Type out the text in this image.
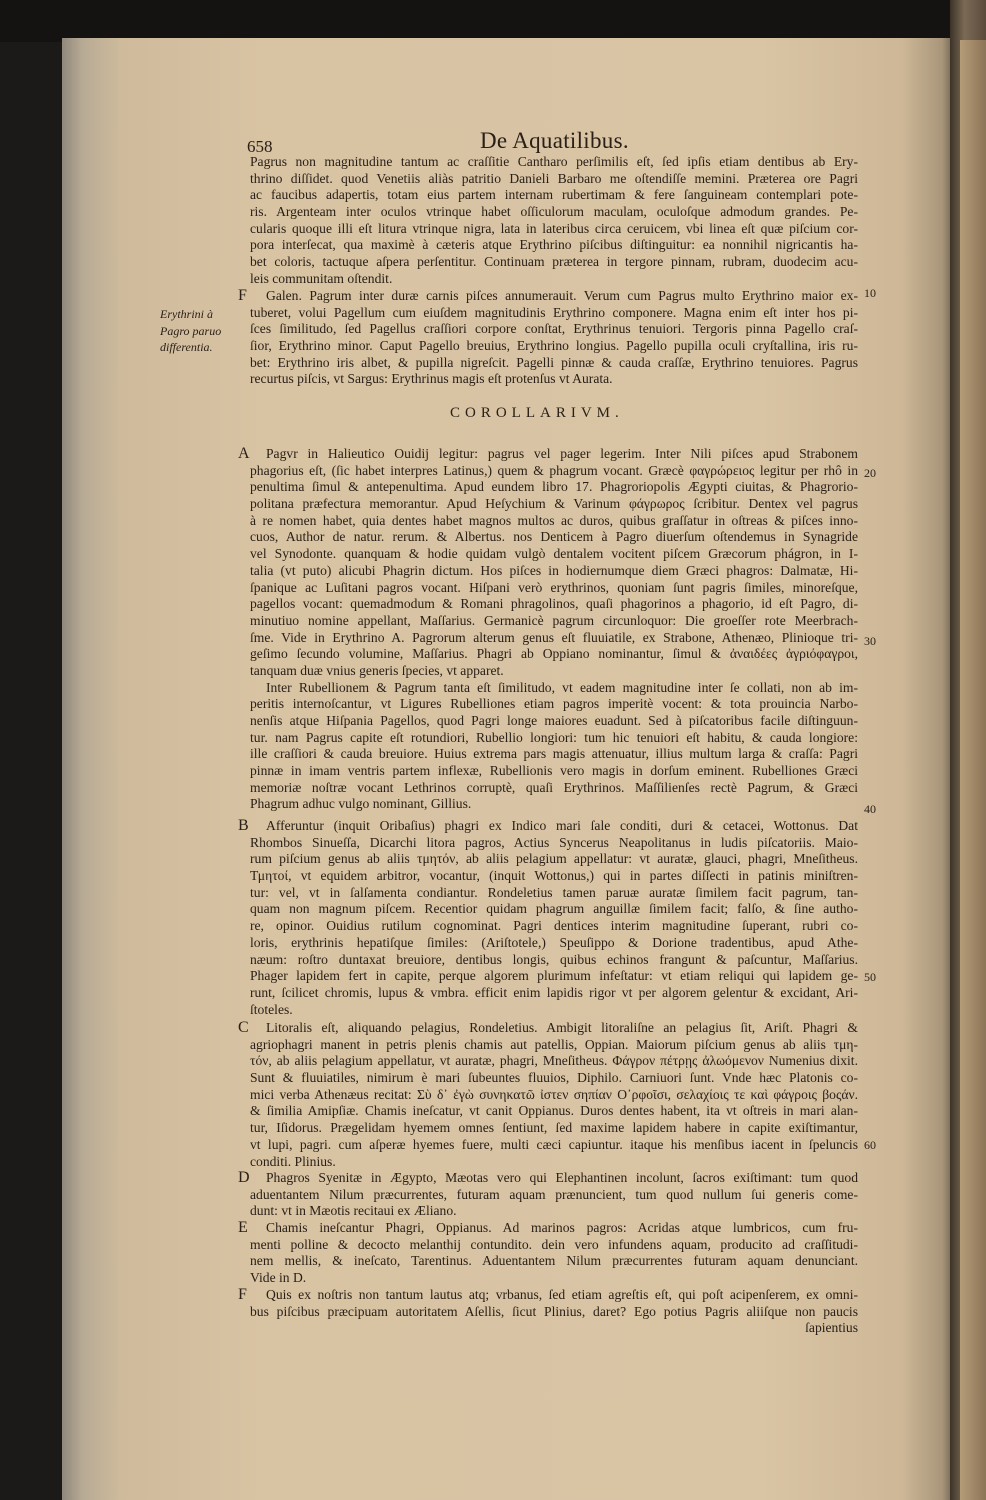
658	De Aquatilibus.
Erythrini à
Pagro paruo
differentia.
COROLLARIVM.
10
20
30
40
50
60
Pagrus non magnitudine tantum ac craſſitie Cantharo perſimilis eſt, ſed ipſis etiam dentibus ab Ery-
thrino diſſidet. quod Venetiis aliàs patritio Danieli Barbaro me oſtendiſſe memini. Præterea ore Pagri
ac faucibus adapertis, totam eius partem internam rubertimam & fere ſanguineam contemplari pote-
ris. Argenteam inter oculos vtrinque habet oſſiculorum maculam, oculoſque admodum grandes. Pe-
cularis quoque illi eſt litura vtrinque nigra, lata in lateribus circa ceruicem, vbi linea eſt quæ piſcium cor-
pora interſecat, qua maximè à cæteris atque Erythrino piſcibus diſtinguitur: ea nonnihil nigricantis ha-
bet coloris, tactuque aſpera perſentitur. Continuam præterea in tergore pinnam, rubram, duodecim acu-
leis communitam oſtendit.
F	Galen. Pagrum inter duræ carnis piſces annumerauit. Verum cum Pagrus multo Erythrino maior ex-
tuberet, volui Pagellum cum eiuſdem magnitudinis Erythrino componere. Magna enim eſt inter hos pi-
ſces ſimilitudo, ſed Pagellus craſſiori corpore conſtat, Erythrinus tenuiori. Tergoris pinna Pagello craſ-
ſior, Erythrino minor. Caput Pagello breuius, Erythrino longius. Pagello pupilla oculi cryſtallina, iris ru-
bet: Erythrino iris albet, & pupilla nigreſcit. Pagelli pinnæ & cauda craſſæ, Erythrino tenuiores. Pagrus
recurtus piſcis, vt Sargus: Erythrinus magis eſt protenſus vt Aurata.
A	Pagvr in Halieutico Ouidij legitur: pagrus vel pager legerim. Inter Nili piſces apud Strabonem
phagorius eſt, (ſic habet interpres Latinus,) quem & phagrum vocant. Græcè φαγρώρειος legitur per rhô in
penultima ſimul & antepenultima. Apud eundem libro 17. Phagroriopolis Ægypti ciuitas, & Phagrorio-
politana præfectura memorantur. Apud Heſychium & Varinum φάγρωρος ſcribitur. Dentex vel pagrus
à re nomen habet, quia dentes habet magnos multos ac duros, quibus graſſatur in oſtreas & piſces inno-
cuos, Author de natur. rerum. & Albertus. nos Denticem à Pagro diuerſum oſtendemus in Synagride
vel Synodonte. quanquam & hodie quidam vulgò dentalem vocitent piſcem Græcorum phágron, in I-
talia (vt puto) alicubi Phagrin dictum. Hos piſces in hodiernumque diem Græci phagros: Dalmatæ, Hi-
ſpanique ac Luſitani pagros vocant. Hiſpani verò erythrinos, quoniam ſunt pagris ſimiles, minoreſque,
pagellos vocant: quemadmodum & Romani phragolinos, quaſi phagorinos a phagorio, id eſt Pagro, di-
minutiuo nomine appellant, Maſſarius. Germanicè pagrum circunloquor: Die groeſſer rote Meerbrach-
ſme. Vide in Erythrino A. Pagrorum alterum genus eſt fluuiatile, ex Strabone, Athenæo, Plinioque tri-
geſimo ſecundo volumine, Maſſarius. Phagri ab Oppiano nominantur, ſimul & ἀναιδέες ἀγριόφαγροι,
tanquam duæ vnius generis ſpecies, vt apparet.
Inter Rubellionem & Pagrum tanta eſt ſimilitudo, vt eadem magnitudine inter ſe collati, non ab im-
peritis internoſcantur, vt Ligures Rubelliones etiam pagros imperitè vocent: & tota prouincia Narbo-
nenſis atque Hiſpania Pagellos, quod Pagri longe maiores euadunt. Sed à piſcatoribus facile diſtinguun-
tur. nam Pagrus capite eſt rotundiori, Rubellio longiori: tum hic tenuiori eſt habitu, & cauda longiore:
ille craſſiori & cauda breuiore. Huius extrema pars magis attenuatur, illius multum larga & craſſa: Pagri
pinnæ in imam ventris partem inflexæ, Rubellionis vero magis in dorſum eminent. Rubelliones Græci
memoriæ noſtræ vocant Lethrinos corruptè, quaſi Erythrinos. Maſſilienſes rectè Pagrum, & Græci
Phagrum adhuc vulgo nominant, Gillius.
B	Afferuntur (inquit Oribaſius) phagri ex Indico mari ſale conditi, duri & cetacei, Wottonus. Dat
Rhombos Sinueſſa, Dicarchi litora pagros, Actius Syncerus Neapolitanus in ludis piſcatoriis. Maio-
rum piſcium genus ab aliis τμητόν, ab aliis pelagium appellatur: vt auratæ, glauci, phagri, Mneſitheus.
Τμητοί, vt equidem arbitror, vocantur, (inquit Wottonus,) qui in partes diſſecti in patinis miniſtren-
tur: vel, vt in ſalſamenta condiantur. Rondeletius tamen paruæ auratæ ſimilem facit pagrum, tan-
quam non magnum piſcem. Recentior quidam phagrum anguillæ ſimilem facit; falſo, & ſine autho-
re, opinor. Ouidius rutilum cognominat. Pagri dentices interim magnitudine ſuperant, rubri co-
loris, erythrinis hepatiſque ſimiles: (Ariſtotele,) Speuſippo & Dorione tradentibus, apud Athe-
næum: roſtro duntaxat breuiore, dentibus longis, quibus echinos frangunt & paſcuntur, Maſſarius.
Phager lapidem fert in capite, perque algorem plurimum infeſtatur: vt etiam reliqui qui lapidem ge-
runt, ſcilicet chromis, lupus & vmbra. efficit enim lapidis rigor vt per algorem gelentur & excidant, Ari-
ſtoteles.
C	Litoralis eſt, aliquando pelagius, Rondeletius. Ambigit litoraliſne an pelagius ſit, Ariſt. Phagri &
agriophagri manent in petris plenis chamis aut patellis, Oppian. Maiorum piſcium genus ab aliis τμη-
τόν, ab aliis pelagium appellatur, vt auratæ, phagri, Mneſitheus. Φάγρον πέτρῃς ἀλωόμενον Numenius dixit.
Sunt & fluuiatiles, nimirum è mari ſubeuntes fluuios, Diphilo. Carniuori ſunt. Vnde hæc Platonis co-
mici verba Athenæus recitat: Σὺ δ᾽ ἐγὼ συνηκατῶ ἰστεν σηπίαν Ο᾽ρφοῖσι, σελαχίοις τε καὶ φάγροις βοςάν.
& ſimilia Amipſiæ. Chamis ineſcatur, vt canit Oppianus. Duros dentes habent, ita vt oſtreis in mari alan-
tur, Iſidorus. Prægelidam hyemem omnes ſentiunt, ſed maxime lapidem habere in capite exiſtimantur,
vt lupi, pagri. cum aſperæ hyemes fuere, multi cæci capiuntur. itaque his menſibus iacent in ſpeluncis
conditi. Plinius.
D	Phagros Syenitæ in Ægypto, Mæotas vero qui Elephantinen incolunt, ſacros exiſtimant: tum quod
aduentantem Nilum præcurrentes, futuram aquam prænuncient, tum quod nullum ſui generis come-
dunt: vt in Mæotis recitaui ex Æliano.
E	Chamis ineſcantur Phagri, Oppianus. Ad marinos pagros: Acridas atque lumbricos, cum fru-
menti polline & decocto melanthij contundito. dein vero infundens aquam, producito ad craſſitudi-
nem mellis, & ineſcato, Tarentinus. Aduentantem Nilum præcurrentes futuram aquam denunciant.
Vide in D.
F	Quis ex noſtris non tantum lautus atq; vrbanus, ſed etiam agreſtis eſt, qui poſt acipenſerem, ex omni-
bus piſcibus præcipuam autoritatem Aſellis, ſicut Plinius, daret? Ego potius Pagris aliiſque non paucis
ſapientius
